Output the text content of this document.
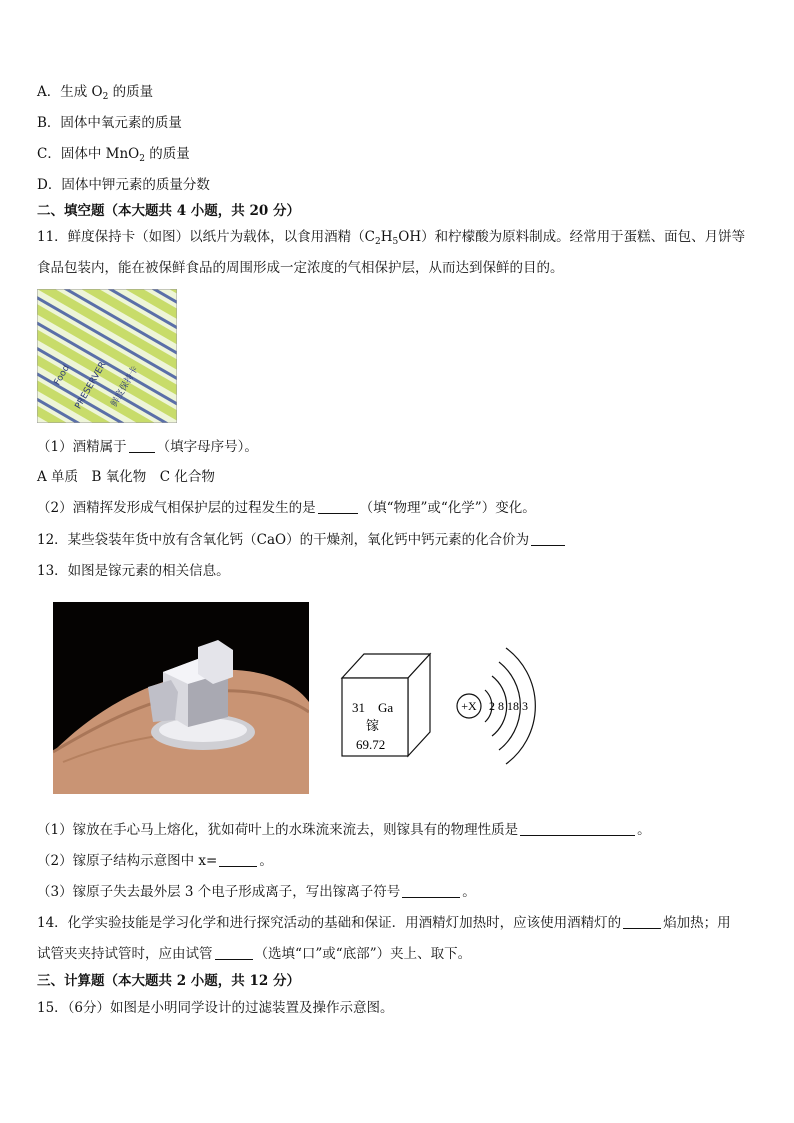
A．生成 $O_2$ 的质量
B．固体中氧元素的质量
C．固体中 MnO$_2$ 的质量
D．固体中钾元素的质量分数
二、填空题（本大题共 4 小题，共 20 分）
11．鲜度保持卡（如图）以纸片为载体，以食用酒精$(C_2H_5OH)$和柠檬酸为原料制成。经常用于蛋糕、面包、月饼等
食品包装内，能在被保鲜食品的周围形成一定浓度的气相保护层，从而达到保鲜的目的。
Food PRESERVER 鲜度保持卡
（1）酒精属于 （填字母序号）。
A 单质　B 氧化物　C 化合物
（2）酒精挥发形成气相保护层的过程发生的是	（填“物理”或“化学”）变化。
12．某些袋装年货中放有含氧化钙（CaO）的干燥剂，氧化钙中钙元素的化合价为
13．如图是镓元素的相关信息。
31 Ga
镓
69.72
+X 2 8 18 3
（1）镓放在手心马上熔化，犹如荷叶上的水珠流来流去，则镓具有的物理性质是	。
（2）镓原子结构示意图中 x=	。
（3）镓原子失去最外层 3 个电子形成离子，写出镓离子符号	。
14．化学实验技能是学习化学和进行探究活动的基础和保证．用酒精灯加热时，应该使用酒精灯的	焰加热；用
试管夹夹持试管时，应由试管	（选填“口”或“底部”）夹上、取下。
三、计算题（本大题共 2 小题，共 12 分）
15．（6分）如图是小明同学设计的过滤装置及操作示意图。
